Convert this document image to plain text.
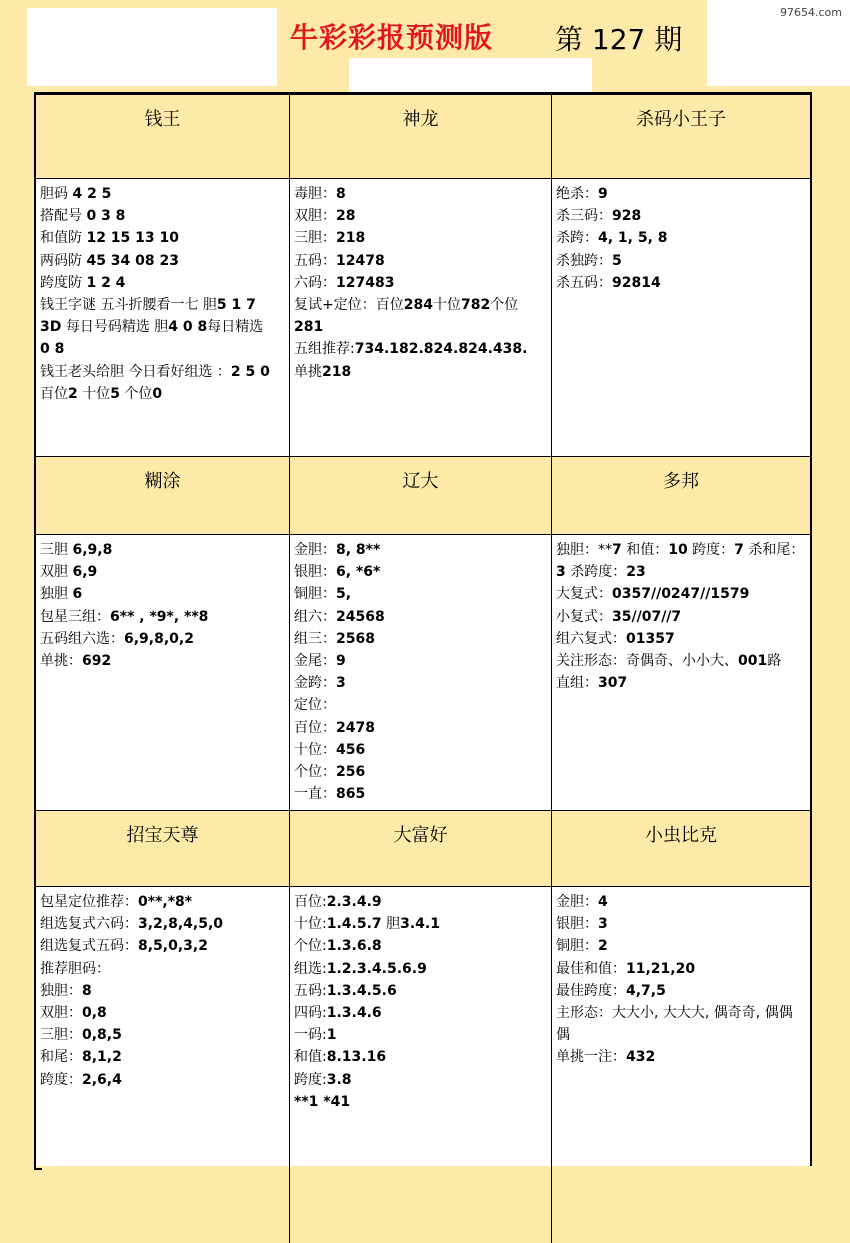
97654.com
牛彩彩报预测版 第 127 期
钱王
胆码 4 2 5
搭配号 0 3 8
和值防 12 15 13 10
两码防 45 34 08 23
跨度防 1 2 4
钱王字谜 五斗折腰看一七 胆5 1 7
3D 每日号码精选 胆4 0 8每日精选
0 8
钱王老头给胆 今日看好组选 ：2 5 0
百位2 十位5 个位0
神龙
毒胆：8
双胆：28
三胆：218
五码：12478
六码：127483
复试+定位：百位284十位782个位281
五组推荐:734.182.824.824.438.
单挑218
杀码小王子
绝杀：9
杀三码：928
杀跨：4, 1, 5, 8
杀独跨：5
杀五码：92814
糊涂
三胆 6,9,8
双胆 6,9
独胆 6
包星三组：6** , *9*, **8
五码组六选：6,9,8,0,2
单挑：692
辽大
金胆：8, 8**
银胆：6, *6*
铜胆：5,
组六：24568
组三：2568
金尾：9
金跨：3
定位：
百位：2478
十位：456
个位：256
一直：865
多邦
独胆：**7 和值：10 跨度：7 杀和尾：3 杀跨度：23
大复式：0357//0247//1579
小复式：35//07//7
组六复式：01357
关注形态：奇偶奇、小小大、001路
直组：307
招宝天尊
包星定位推荐：0**,*8*
组选复式六码：3,2,8,4,5,0
组选复式五码：8,5,0,3,2
推荐胆码：
独胆：8
双胆：0,8
三胆：0,8,5
和尾：8,1,2
跨度：2,6,4
大富好
百位:2.3.4.9
十位:1.4.5.7 胆3.4.1
个位:1.3.6.8
组选:1.2.3.4.5.6.9
五码:1.3.4.5.6
四码:1.3.4.6
一码:1
和值:8.13.16
跨度:3.8
**1 *41
小虫比克
金胆：4
银胆：3
铜胆：2
最佳和值：11,21,20
最佳跨度：4,7,5
主形态：大大小, 大大大, 偶奇奇, 偶偶偶
单挑一注：432
